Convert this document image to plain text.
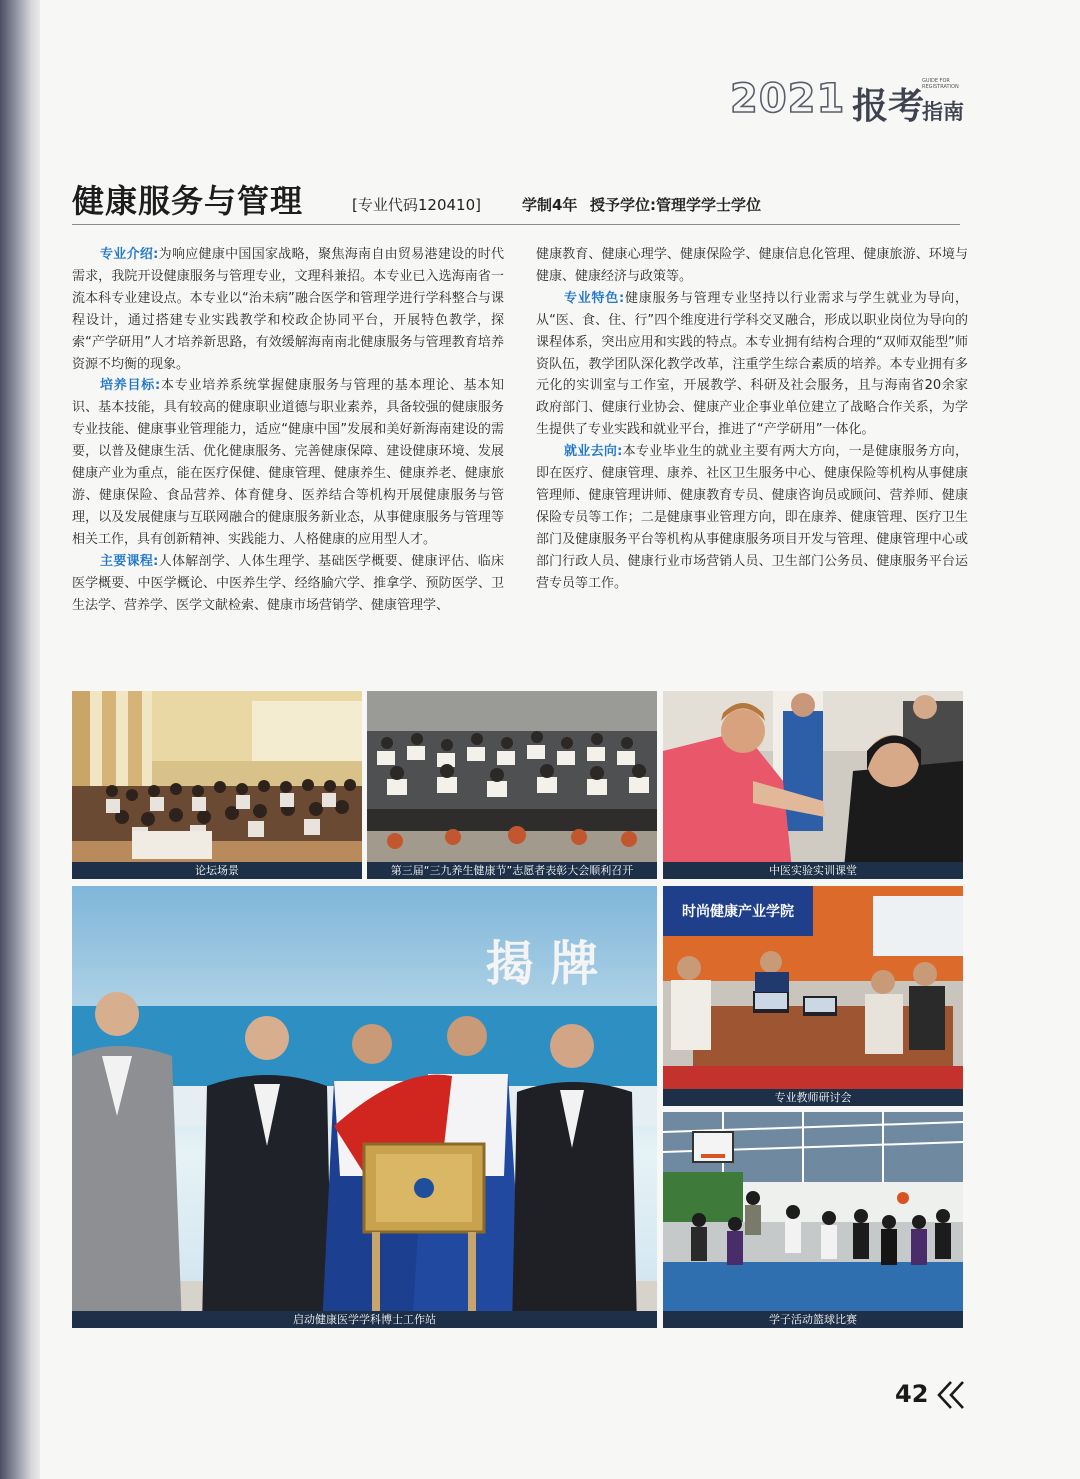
2021 报考
GUIDE FOR REGISTRATION
指南
健康服务与管理	[专业代码120410]	学制4年 授予学位:管理学学士学位

专业介绍:为响应健康中国国家战略，聚焦海南自由贸易港建设的时代需求，我院开设健康服务与管理专业，文理科兼招。本专业已入选海南省一流本科专业建设点。本专业以“治未病”融合医学和管理学进行学科整合与课程设计，通过搭建专业实践教学和校政企协同平台，开展特色教学，探索“产学研用”人才培养新思路，有效缓解海南南北健康服务与管理教育培养资源不均衡的现象。

培养目标:本专业培养系统掌握健康服务与管理的基本理论、基本知识、基本技能，具有较高的健康职业道德与职业素养，具备较强的健康服务专业技能、健康事业管理能力，适应“健康中国”发展和美好新海南建设的需要，以普及健康生活、优化健康服务、完善健康保障、建设健康环境、发展健康产业为重点，能在医疗保健、健康管理、健康养生、健康养老、健康旅游、健康保险、食品营养、体育健身、医养结合等机构开展健康服务与管理，以及发展健康与互联网融合的健康服务新业态，从事健康服务与管理等相关工作，具有创新精神、实践能力、人格健康的应用型人才。

主要课程:人体解剖学、人体生理学、基础医学概要、健康评估、临床医学概要、中医学概论、中医养生学、经络腧穴学、推拿学、预防医学、卫生法学、营养学、医学文献检索、健康市场营销学、健康管理学、

健康教育、健康心理学、健康保险学、健康信息化管理、健康旅游、环境与健康、健康经济与政策等。

专业特色:健康服务与管理专业坚持以行业需求与学生就业为导向，从“医、食、住、行”四个维度进行学科交叉融合，形成以职业岗位为导向的课程体系，突出应用和实践的特点。本专业拥有结构合理的“双师双能型”师资队伍，教学团队深化教学改革，注重学生综合素质的培养。本专业拥有多元化的实训室与工作室，开展教学、科研及社会服务，且与海南省20余家政府部门、健康行业协会、健康产业企事业单位建立了战略合作关系，为学生提供了专业实践和就业平台，推进了“产学研用”一体化。

就业去向:本专业毕业生的就业主要有两大方向，一是健康服务方向，即在医疗、健康管理、康养、社区卫生服务中心、健康保险等机构从事健康管理师、健康管理讲师、健康教育专员、健康咨询员或顾问、营养师、健康保险专员等工作；二是健康事业管理方向，即在康养、健康管理、医疗卫生部门及健康服务平台等机构从事健康服务项目开发与管理、健康管理中心或部门行政人员、健康行业市场营销人员、卫生部门公务员、健康服务平台运营专员等工作。

论坛场景	第三届“三九养生健康节”志愿者表彰大会顺利召开	中医实验实训课堂
揭 牌
启动健康医学学科博士工作站
时尚健康产业学院
专业教师研讨会
学子活动篮球比赛
42
